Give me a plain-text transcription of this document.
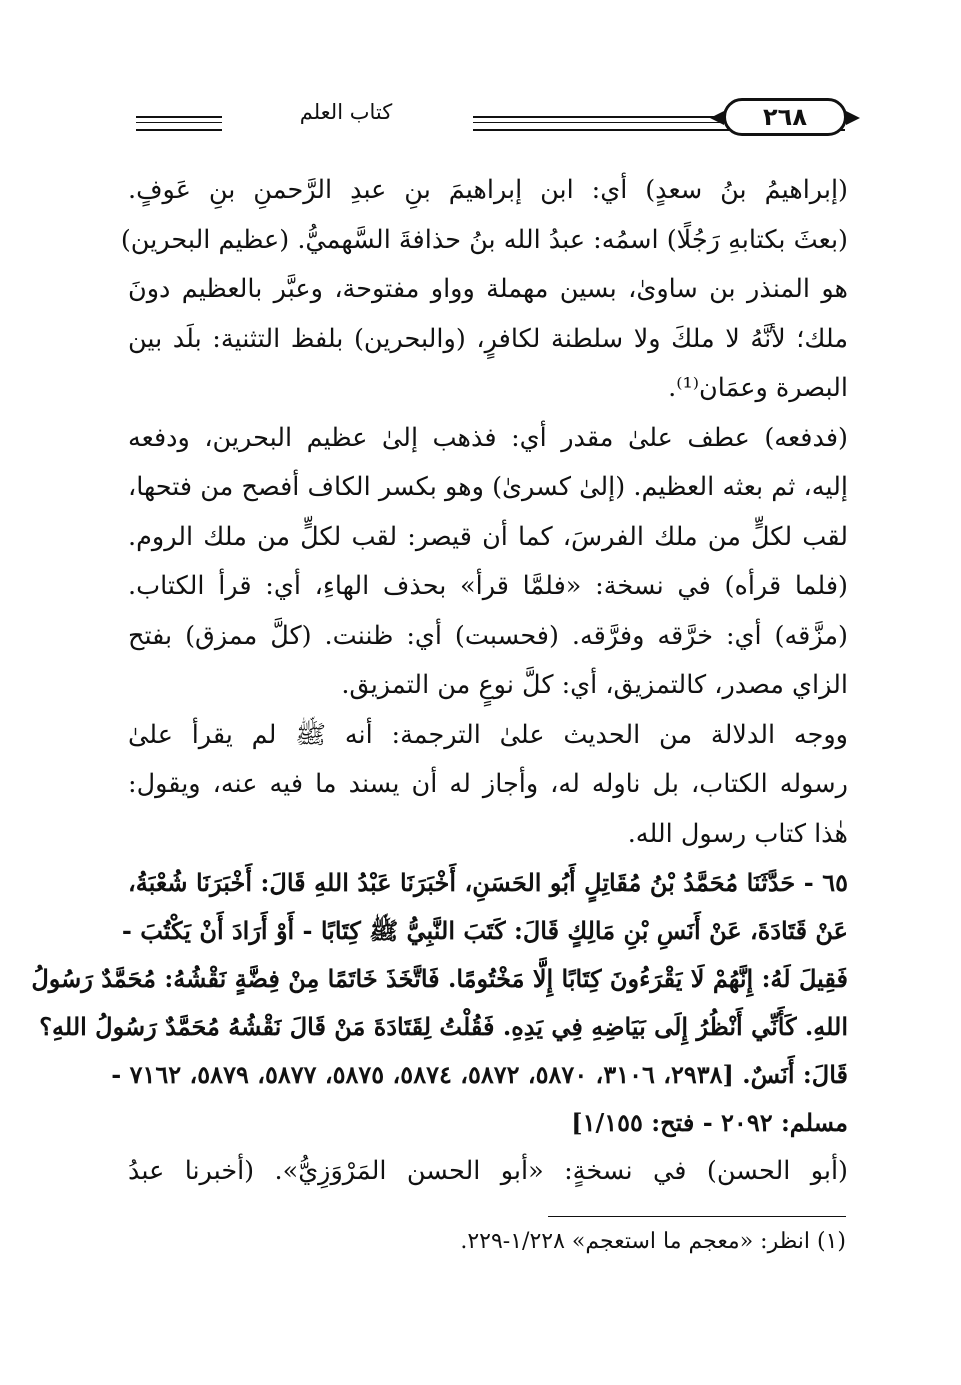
كتاب العلم	٢٦٨
(إبراهيمُ بنُ سعدٍ) أي: ابن إبراهيمَ بنِ عبدِ الرَّحمنِ بنِ عَوفٍ.
(بعثَ بكتابهِ رَجُلًا) اسمُه: عبدُ الله بنُ حذافةَ السَّهميُّ. (عظيم البحرين)
هو المنذر بن ساوىٰ، بسين مهملة وواو مفتوحة، وعبَّر بالعظيم دونَ
ملك؛ لأنَّهُ لا ملكَ ولا سلطنة لكافرٍ، (والبحرين) بلفظ التثنية: بلَد بين
البصرة وعمَان⁽¹⁾.
(فدفعه) عطف علىٰ مقدر أي: فذهب إلىٰ عظيم البحرين، ودفعه
إليه، ثم بعثه العظيم. (إلىٰ كسرىٰ) وهو بكسر الكاف أفصح من فتحها،
لقب لكلٍّ من ملك الفرسَ، كما أن قيصر: لقب لكلٍّ من ملك الروم.
(فلما قرأه) في نسخة: «فلمَّا قرأ» بحذف الهاءِ، أي: قرأ الكتاب.
(مزَّقه) أي: خرَّقه وفرَّقه. (فحسبت) أي: ظننت. (كلَّ ممزق) بفتح
الزاي مصدر، كالتمزيق، أي: كلَّ نوعٍ من التمزيق.
ووجه الدلالة من الحديث علىٰ الترجمة: أنه ﷺ لم يقرأ علىٰ
رسوله الكتاب، بل ناوله له، وأجاز له أن يسند ما فيه عنه، ويقول:
هٰذا كتاب رسول الله.
٦٥ - حَدَّثَنَا مُحَمَّدُ بْنُ مُقَاتِلٍ أَبُو الحَسَنِ، أَخْبَرَنَا عَبْدُ اللهِ قَالَ: أَخْبَرَنَا شُعْبَةُ،
عَنْ قَتَادَةَ، عَنْ أَنَسِ بْنِ مَالِكٍ قَالَ: كَتَبَ النَّبِيُّ ﷺ كِتَابًا - أَوْ أَرَادَ أَنْ يَكْتُبَ -
فَقِيلَ لَهُ: إِنَّهُمْ لَا يَقْرَءُونَ كِتَابًا إِلَّا مَخْتُومًا. فَاتَّخَذَ خَاتَمًا مِنْ فِضَّةٍ نَقْشُهُ: مُحَمَّدٌ رَسُولُ
اللهِ. كَأَنِّي أَنْظُرُ إِلَى بَيَاضِهِ فِي يَدِهِ. فَقُلْتُ لِقَتَادَةَ مَنْ قَالَ نَقْشُهُ مُحَمَّدٌ رَسُولُ اللهِ؟
قَالَ: أَنَسٌ. [٢٩٣٨، ٣١٠٦، ٥٨٧٠، ٥٨٧٢، ٥٨٧٤، ٥٨٧٥، ٥٨٧٧، ٥٨٧٩، ٧١٦٢ -
مسلم: ٢٠٩٢ - فتح: ١/١٥٥]
(أبو الحسن) في نسخةٍ: «أبو الحسن المَرْوَزِيُّ». (أخبرنا عبدُ
(١) انظر: «معجم ما استعجم» ١/٢٢٨-٢٢٩.
